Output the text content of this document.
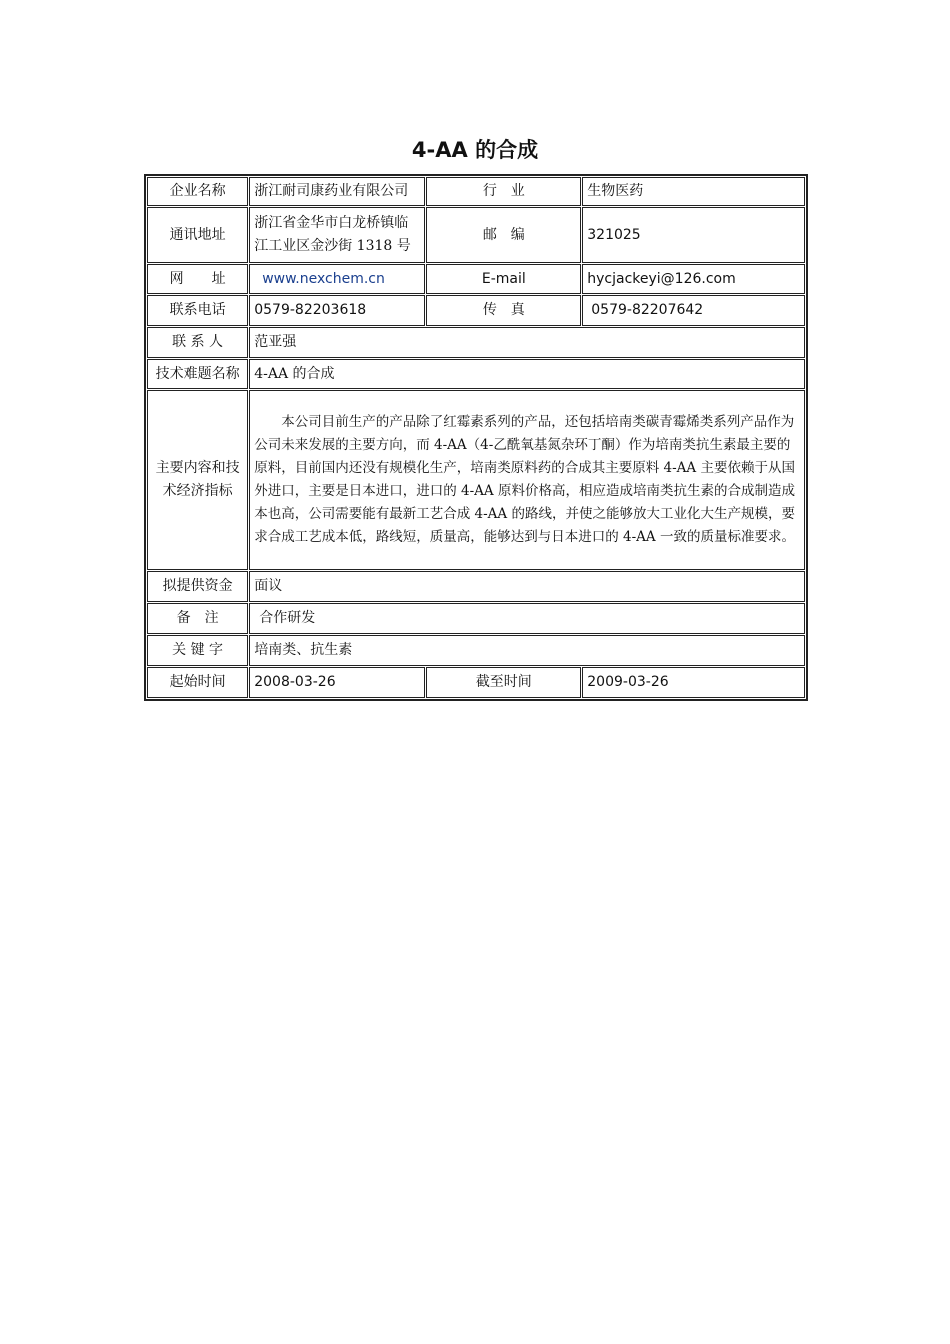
4-AA 的合成
企业名称	浙江耐司康药业有限公司	行　业	生物医药
通讯地址	浙江省金华市白龙桥镇临江工业区金沙街 1318 号	邮　编	321025
网　　址	www.nexchem.cn	E-mail	hycjackeyi@126.com
联系电话	0579-82203618	传　真	0579-82207642
联 系 人	范亚强		
技术难题名称	4-AA 的合成		
主要内容和技术经济指标	本公司目前生产的产品除了红霉素系列的产品，还包括培南类碳青霉烯类系列产品作为公司未来发展的主要方向，而 4-AA（4-乙酰氧基氮杂环丁酮）作为培南类抗生素最主要的原料，目前国内还没有规模化生产，培南类原料药的合成其主要原料 4-AA 主要依赖于从国外进口，主要是日本进口，进口的 4-AA 原料价格高，相应造成培南类抗生素的合成制造成本也高，公司需要能有最新工艺合成 4-AA 的路线，并使之能够放大工业化大生产规模，要求合成工艺成本低，路线短，质量高，能够达到与日本进口的 4-AA 一致的质量标准要求。		
拟提供资金	面议		
备　注	合作研发		
关 键 字	培南类、抗生素		
起始时间	2008-03-26	截至时间	2009-03-26
